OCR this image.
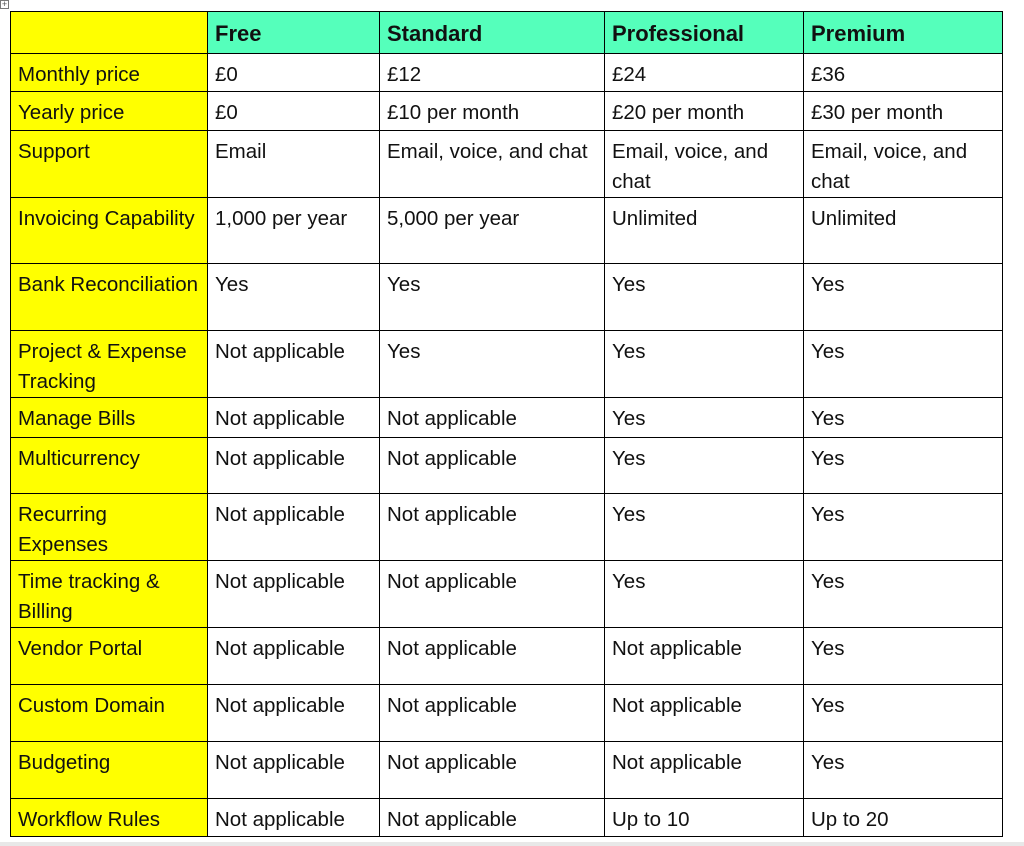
+
	Free	Standard	Professional	Premium
Monthly price	£0	£12	£24	£36
Yearly price	£0	£10 per month	£20 per month	£30 per month
Support	Email	Email, voice, and chat	Email, voice, and chat	Email, voice, and chat
Invoicing Capability	1,000 per year	5,000 per year	Unlimited	Unlimited
Bank Reconciliation	Yes	Yes	Yes	Yes
Project & Expense Tracking	Not applicable	Yes	Yes	Yes
Manage Bills	Not applicable	Not applicable	Yes	Yes
Multicurrency	Not applicable	Not applicable	Yes	Yes
Recurring Expenses	Not applicable	Not applicable	Yes	Yes
Time tracking & Billing	Not applicable	Not applicable	Yes	Yes
Vendor Portal	Not applicable	Not applicable	Not applicable	Yes
Custom Domain	Not applicable	Not applicable	Not applicable	Yes
Budgeting	Not applicable	Not applicable	Not applicable	Yes
Workflow Rules	Not applicable	Not applicable	Up to 10	Up to 20
